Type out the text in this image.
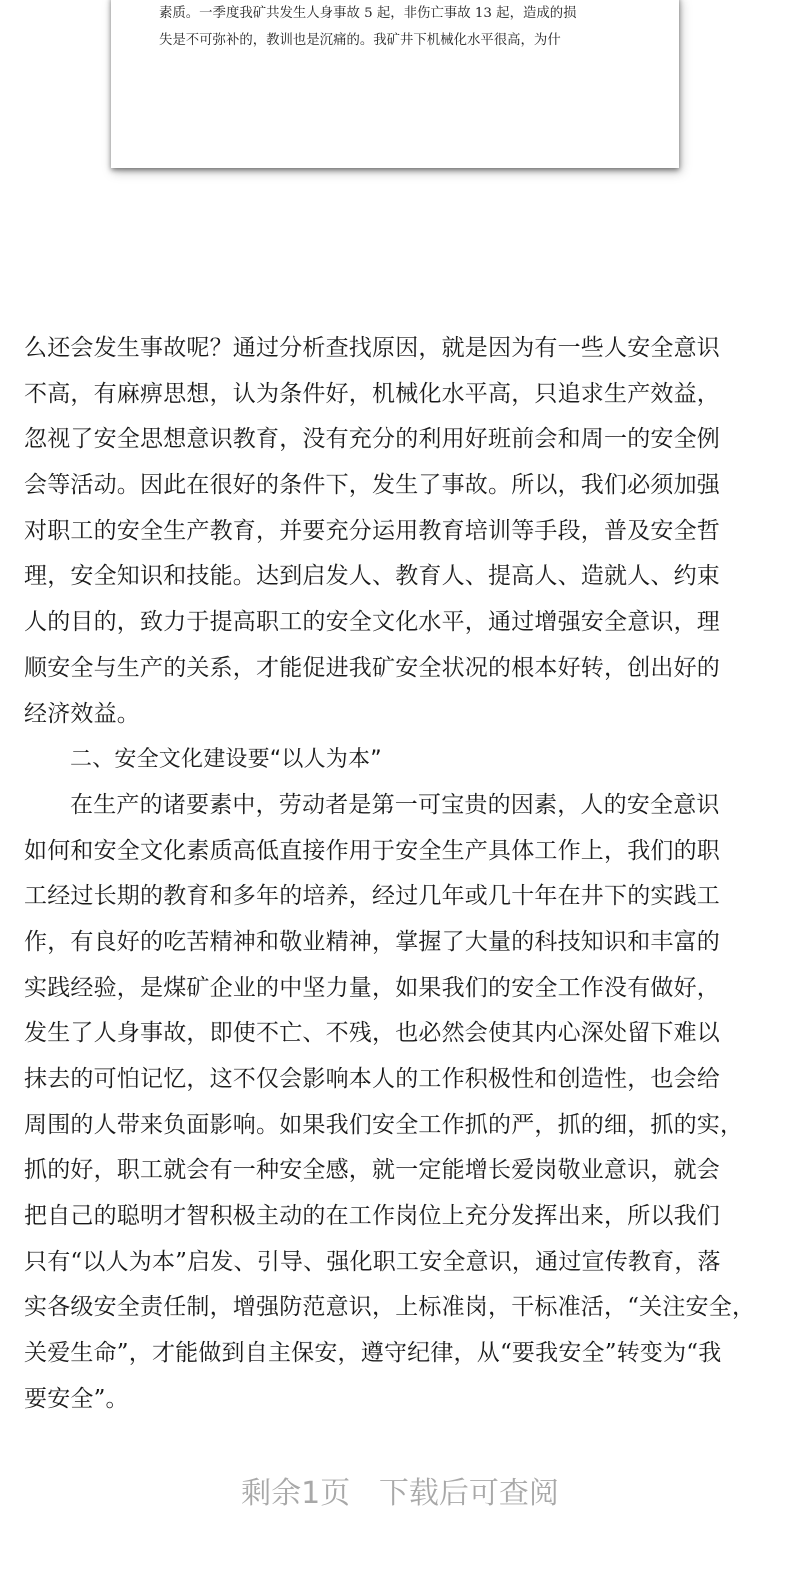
素质。一季度我矿共发生人身事故 5 起，非伤亡事故 13 起，造成的损
失是不可弥补的，教训也是沉痛的。我矿井下机械化水平很高，为什
么还会发生事故呢？通过分析查找原因，就是因为有一些人安全意识
不高，有麻痹思想，认为条件好，机械化水平高，只追求生产效益，
忽视了安全思想意识教育，没有充分的利用好班前会和周一的安全例
会等活动。因此在很好的条件下，发生了事故。所以，我们必须加强
对职工的安全生产教育，并要充分运用教育培训等手段，普及安全哲
理，安全知识和技能。达到启发人、教育人、提高人、造就人、约束
人的目的，致力于提高职工的安全文化水平，通过增强安全意识，理
顺安全与生产的关系，才能促进我矿安全状况的根本好转，创出好的
经济效益。
二、安全文化建设要“以人为本”
在生产的诸要素中，劳动者是第一可宝贵的因素，人的安全意识
如何和安全文化素质高低直接作用于安全生产具体工作上，我们的职
工经过长期的教育和多年的培养，经过几年或几十年在井下的实践工
作，有良好的吃苦精神和敬业精神，掌握了大量的科技知识和丰富的
实践经验，是煤矿企业的中坚力量，如果我们的安全工作没有做好，
发生了人身事故，即使不亡、不残，也必然会使其内心深处留下难以
抹去的可怕记忆，这不仅会影响本人的工作积极性和创造性，也会给
周围的人带来负面影响。如果我们安全工作抓的严，抓的细，抓的实，
抓的好，职工就会有一种安全感，就一定能增长爱岗敬业意识，就会
把自己的聪明才智积极主动的在工作岗位上充分发挥出来，所以我们
只有“以人为本”启发、引导、强化职工安全意识，通过宣传教育，落
实各级安全责任制，增强防范意识，上标准岗，干标准活，“关注安全，
关爱生命”，才能做到自主保安，遵守纪律，从“要我安全”转变为“我
要安全”。
剩余1页 下载后可查阅
